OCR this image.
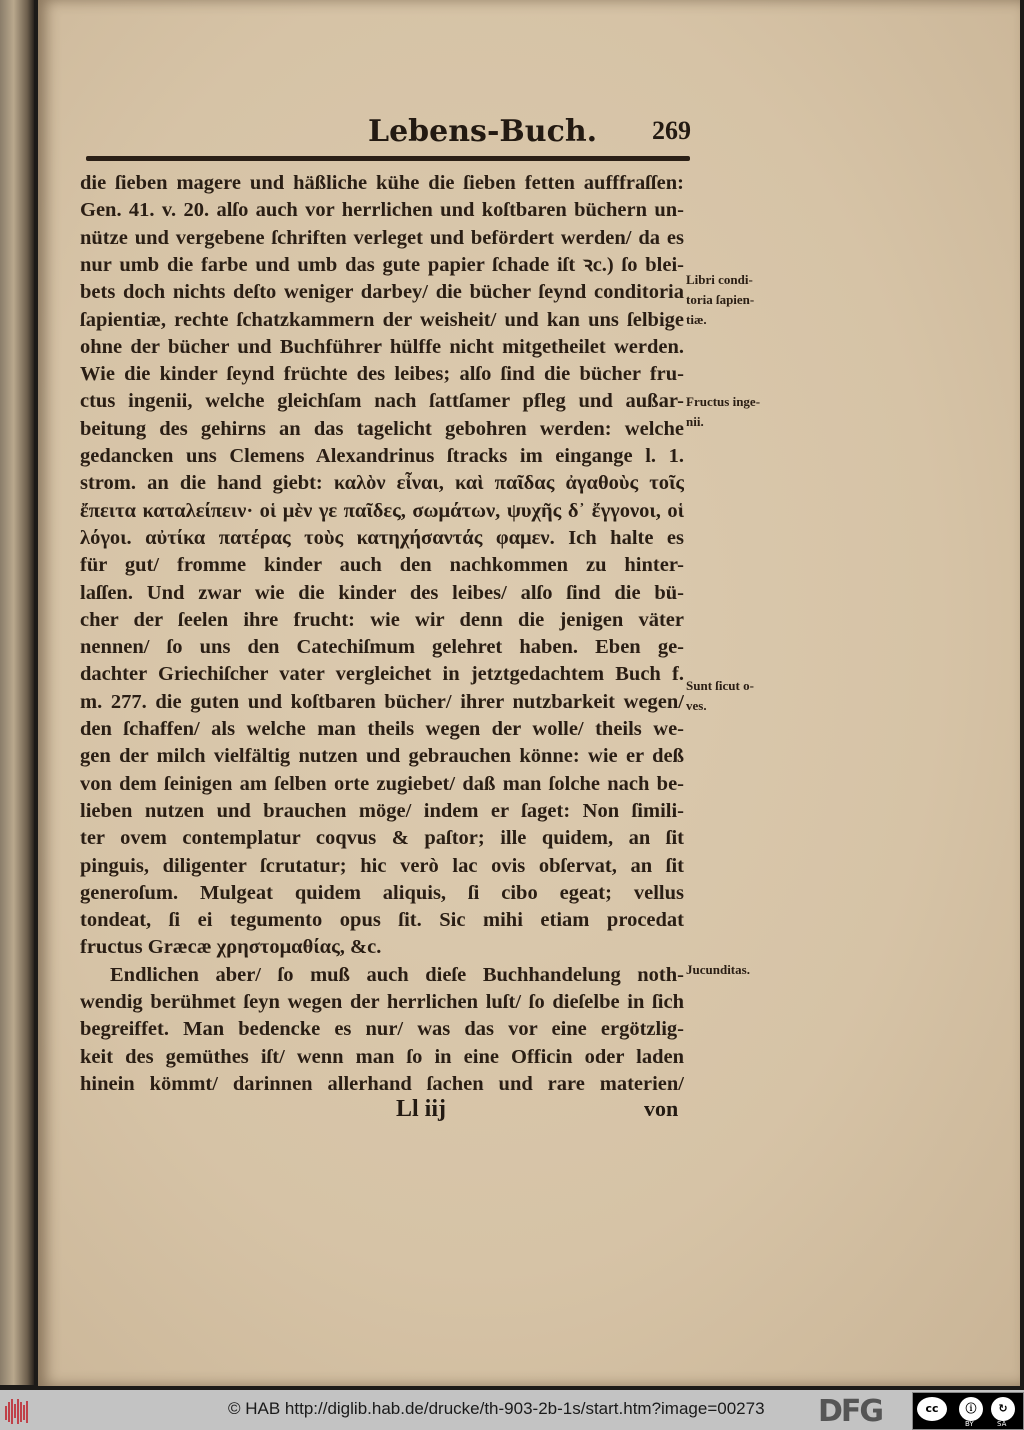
Lebens-Buch. 269
die ſieben magere und häßliche kühe die ſieben fetten aufffraſſen:
Gen. 41. v. 20. alſo auch vor herrlichen und koſtbaren büchern un-
nütze und vergebene ſchriften verleget und befördert werden/ da es
nur umb die farbe und umb das gute papier ſchade iſt ꝛc.) ſo blei-
bets doch nichts deſto weniger darbey/ die bücher ſeynd conditoria
ſapientiæ, rechte ſchatzkammern der weisheit/ und kan uns ſelbige
ohne der bücher und Buchführer hülffe nicht mitgetheilet werden.
Wie die kinder ſeynd früchte des leibes; alſo ſind die bücher fru-
ctus ingenii, welche gleichſam nach ſattſamer pfleg und außar-
beitung des gehirns an das tagelicht gebohren werden: welche
gedancken uns Clemens Alexandrinus ſtracks im eingange l. 1.
strom. an die hand giebt: καλὸν εἶναι, καὶ παῖδας ἀγαθοὺς τοῖς
ἔπειτα καταλείπειν· οἱ μὲν γε παῖδες, σωμάτων, ψυχῆς δ᾽ ἔγγονοι, οἱ
λόγοι. αὐτίκα πατέρας τοὺς κατηχήσαντάς φαμεν. Ich halte es
für gut/ fromme kinder auch den nachkommen zu hinter-
laſſen. Und zwar wie die kinder des leibes/ alſo ſind die bü-
cher der ſeelen ihre frucht: wie wir denn die jenigen väter
nennen/ ſo uns den Catechiſmum gelehret haben. Eben ge-
dachter Griechiſcher vater vergleichet in jetztgedachtem Buch f.
m. 277. die guten und koſtbaren bücher/ ihrer nutzbarkeit wegen/
den ſchaffen/ als welche man theils wegen der wolle/ theils we-
gen der milch vielfältig nutzen und gebrauchen könne: wie er deß
von dem ſeinigen am ſelben orte zugiebet/ daß man ſolche nach be-
lieben nutzen und brauchen möge/ indem er ſaget: Non ſimili-
ter ovem contemplatur coqvus & paſtor; ille quidem, an ſit
pinguis, diligenter ſcrutatur; hic verò lac ovis obſervat, an ſit
generoſum. Mulgeat quidem aliquis, ſi cibo egeat; vellus
tondeat, ſi ei tegumento opus ſit. Sic mihi etiam procedat
fructus Græcæ χρηστομαθίας, &c.
Endlichen aber/ ſo muß auch dieſe Buchhandelung noth-
wendig berühmet ſeyn wegen der herrlichen luſt/ ſo dieſelbe in ſich
begreiffet. Man bedencke es nur/ was das vor eine ergötzlig-
keit des gemüthes iſt/ wenn man ſo in eine Officin oder laden
hinein kömmt/ darinnen allerhand ſachen und rare materien/
Libri condi-
toria ſapien-
tiæ.
Fructus inge-
nii.
Sunt ſicut o-
ves.
Jucunditas.
Ll iij	von
© HAB http://diglib.hab.de/drucke/th-903-2b-1s/start.htm?image=00273 DFG	cc	ⓘ	↻
BY	SA
